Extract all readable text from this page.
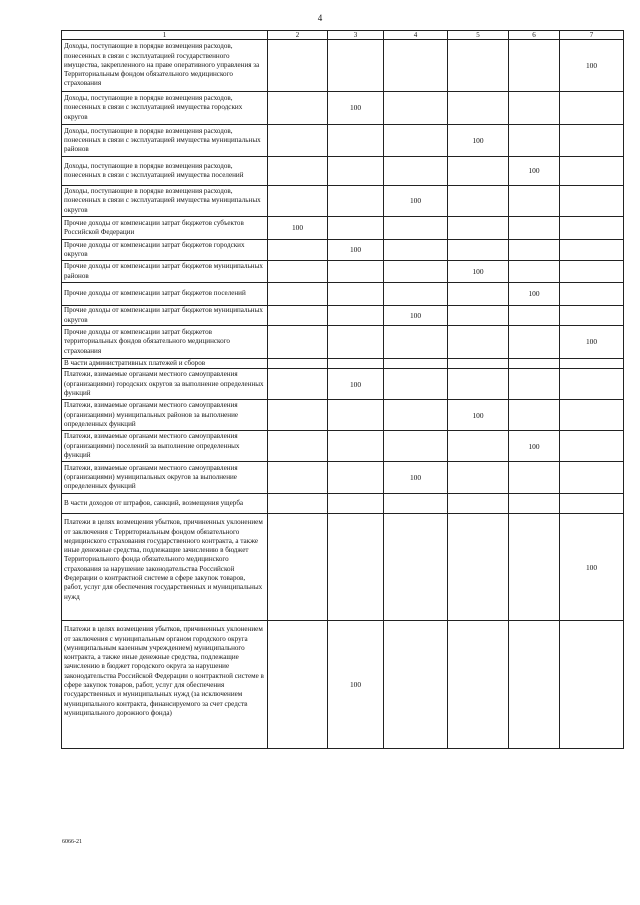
4
1	2	3	4	5	6	7
Доходы, поступающие в порядке возмещения расходов, понесенных в связи с эксплуатацией государственного имущества, закрепленного на праве оперативного управления за Территориальным фондом обязательного медицинского страхования						100
Доходы, поступающие в порядке возмещения расходов, понесенных в связи с эксплуатацией имущества городских округов		100				
Доходы, поступающие в порядке возмещения расходов, понесенных в связи с эксплуатацией имущества муниципальных районов				100		
Доходы, поступающие в порядке возмещения расходов, понесенных в связи с эксплуатацией имущества поселений					100	
Доходы, поступающие в порядке возмещения расходов, понесенных в связи с эксплуатацией имущества муниципальных округов			100			
Прочие доходы от компенсации затрат бюджетов субъектов Российской Федерации	100					
Прочие доходы от компенсации затрат бюджетов городских округов		100				
Прочие доходы от компенсации затрат бюджетов муниципальных районов				100		
Прочие доходы от компенсации затрат бюджетов поселений					100	
Прочие доходы от компенсации затрат бюджетов муниципальных округов			100			
Прочие доходы от компенсации затрат бюджетов территориальных фондов обязательного медицинского страхования						100
В части административных платежей и сборов						
Платежи, взимаемые органами местного самоуправления (организациями) городских округов за выполнение определенных функций		100				
Платежи, взимаемые органами местного самоуправления (организациями) муниципальных районов за выполнение определенных функций				100		
Платежи, взимаемые органами местного самоуправления (организациями) поселений за выполнение определенных функций					100	
Платежи, взимаемые органами местного самоуправления (организациями) муниципальных округов за выполнение определенных функций			100			
В части доходов от штрафов, санкций, возмещения ущерба						
Платежи в целях возмещения убытков, причиненных уклонением от заключения с Территориальным фондом обязательного медицинского страхования государственного контракта, а также иные денежные средства, подлежащие зачислению в бюджет Территориального фонда обязательного медицинского страхования за нарушение законодательства Российской Федерации о контрактной системе в сфере закупок товаров, работ, услуг для обеспечения государственных и муниципальных нужд						100
Платежи в целях возмещения убытков, причиненных уклонением от заключения с муниципальным органом городского округа (муниципальным казенным учреждением) муниципального контракта, а также иные денежные средства, подлежащие зачислению в бюджет городского округа за нарушение законодательства Российской Федерации о контрактной системе в сфере закупок товаров, работ, услуг для обеспечения государственных и муниципальных нужд (за исключением муниципального контракта, финансируемого за счет средств муниципального дорожного фонда)		100				
6066-21
